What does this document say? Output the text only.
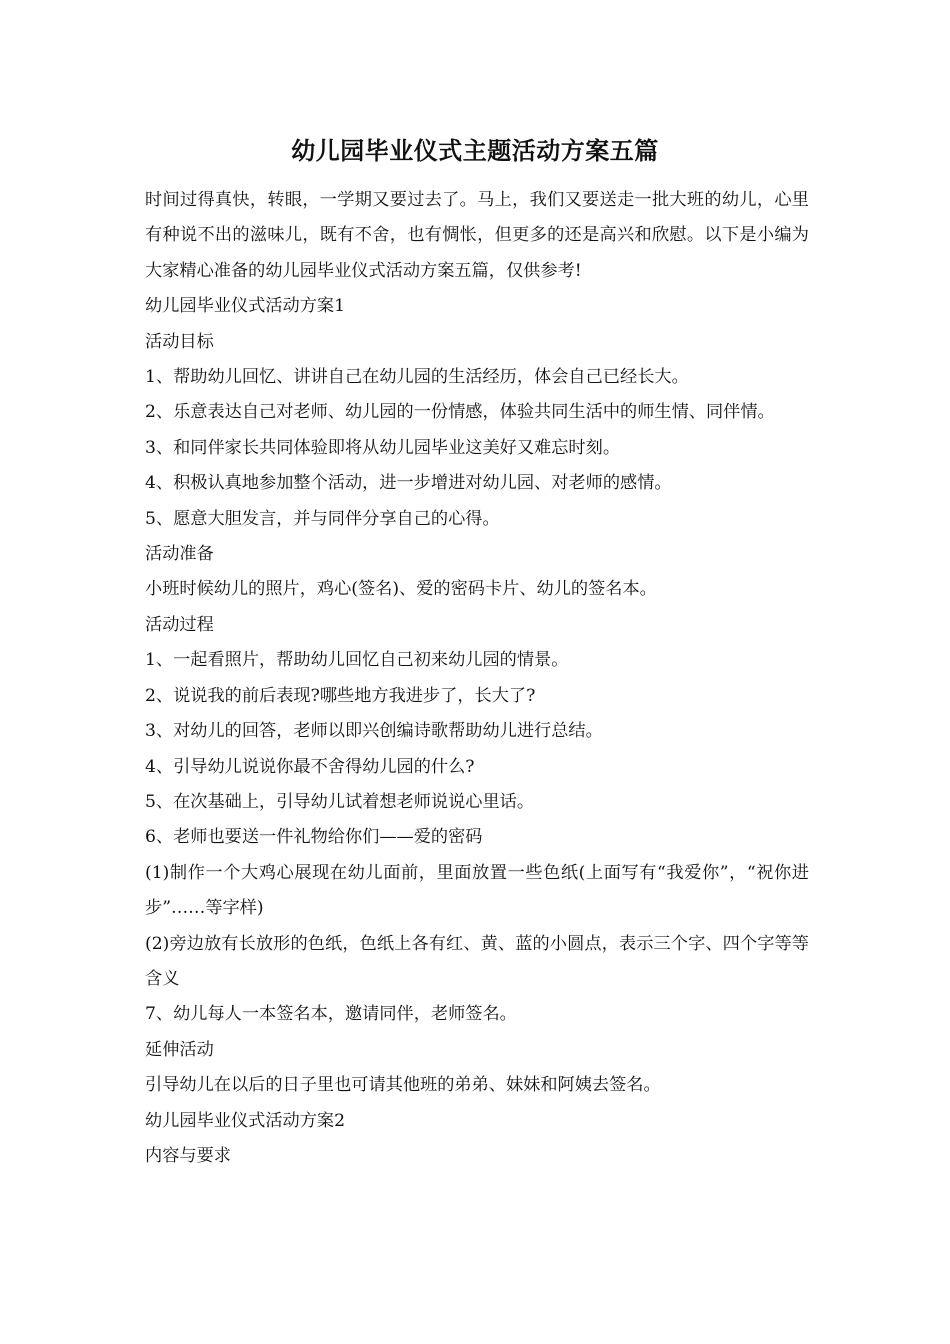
幼儿园毕业仪式主题活动方案五篇

时间过得真快，转眼，一学期又要过去了。马上，我们又要送走一批大班的幼儿，心里有种说不出的滋味儿，既有不舍，也有惆怅，但更多的还是高兴和欣慰。以下是小编为大家精心准备的幼儿园毕业仪式活动方案五篇，仅供参考!

幼儿园毕业仪式活动方案1

活动目标

1、帮助幼儿回忆、讲讲自己在幼儿园的生活经历，体会自己已经长大。

2、乐意表达自己对老师、幼儿园的一份情感，体验共同生活中的师生情、同伴情。

3、和同伴家长共同体验即将从幼儿园毕业这美好又难忘时刻。

4、积极认真地参加整个活动，进一步增进对幼儿园、对老师的感情。

5、愿意大胆发言，并与同伴分享自己的心得。

活动准备

小班时候幼儿的照片，鸡心(签名)、爱的密码卡片、幼儿的签名本。

活动过程

1、一起看照片，帮助幼儿回忆自己初来幼儿园的情景。

2、说说我的前后表现?哪些地方我进步了，长大了?

3、对幼儿的回答，老师以即兴创编诗歌帮助幼儿进行总结。

4、引导幼儿说说你最不舍得幼儿园的什么?

5、在次基础上，引导幼儿试着想老师说说心里话。

6、老师也要送一件礼物给你们——爱的密码

(1)制作一个大鸡心展现在幼儿面前，里面放置一些色纸(上面写有“我爱你”，“祝你进步”……等字样)

(2)旁边放有长放形的色纸，色纸上各有红、黄、蓝的小圆点，表示三个字、四个字等等含义

7、幼儿每人一本签名本，邀请同伴，老师签名。

延伸活动

引导幼儿在以后的日子里也可请其他班的弟弟、妹妹和阿姨去签名。

幼儿园毕业仪式活动方案2

内容与要求
